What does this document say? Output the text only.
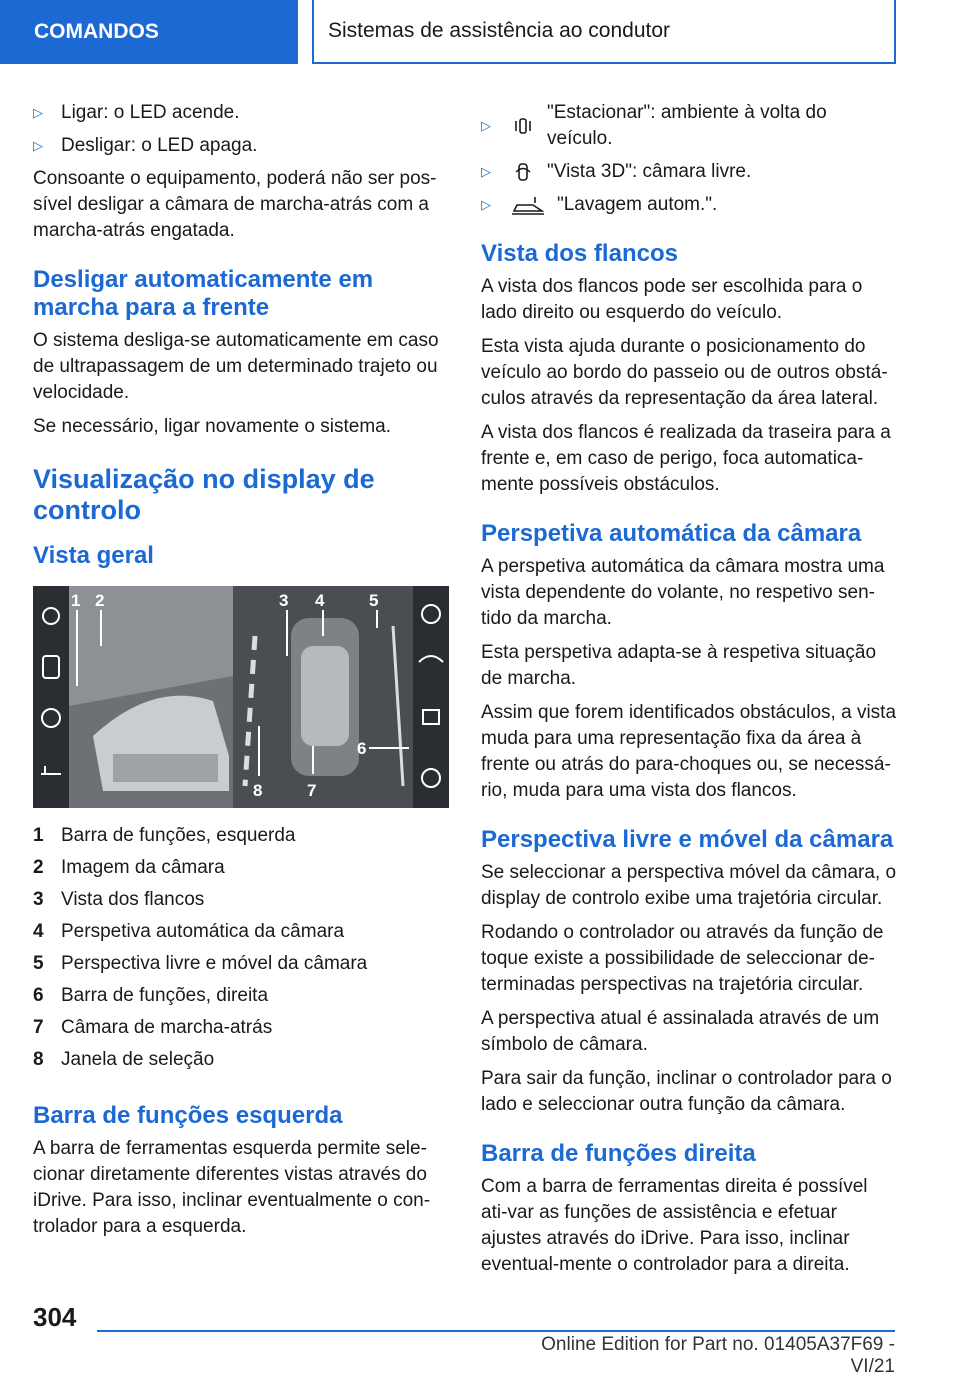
COMANDOS	Sistemas de assistência ao condutor
▷ Ligar: o LED acende.
▷ Desligar: o LED apaga.

Consoante o equipamento, poderá não ser pos-sível desligar a câmara de marcha-atrás com a marcha-atrás engatada.

Desligar automaticamente em marcha para a frente

O sistema desliga-se automaticamente em caso de ultrapassagem de um determinado trajeto ou velocidade.

Se necessário, ligar novamente o sistema.

Visualização no display de controlo
Vista geral
1 2	3 4	5
6
7
8
1 Barra de funções, esquerda
2 Imagem da câmara
3 Vista dos flancos
4 Perspetiva automática da câmara
5 Perspectiva livre e móvel da câmara
6 Barra de funções, direita
7 Câmara de marcha-atrás
8 Janela de seleção
Barra de funções esquerda

A barra de ferramentas esquerda permite sele-cionar diretamente diferentes vistas através do iDrive. Para isso, inclinar eventualmente o con-trolador para a esquerda.

▷
"Estacionar": ambiente à volta do veículo.
▷	"Vista 3D": câmara livre.
▷	"Lavagem autom.".
Vista dos flancos

A vista dos flancos pode ser escolhida para o lado direito ou esquerdo do veículo.

Esta vista ajuda durante o posicionamento do veículo ao bordo do passeio ou de outros obstá-culos através da representação da área lateral.

A vista dos flancos é realizada da traseira para a frente e, em caso de perigo, foca automatica-mente possíveis obstáculos.

Perspetiva automática da câmara

A perspetiva automática da câmara mostra uma vista dependente do volante, no respetivo sen-tido da marcha.

Esta perspetiva adapta-se à respetiva situação de marcha.

Assim que forem identificados obstáculos, a vista muda para uma representação fixa da área à frente ou atrás do para-choques ou, se necessá-rio, muda para uma vista dos flancos.

Perspectiva livre e móvel da câmara

Se seleccionar a perspectiva móvel da câmara, o display de controlo exibe uma trajetória circular.

Rodando o controlador ou através da função de toque existe a possibilidade de seleccionar de-terminadas perspectivas na trajetória circular.

A perspectiva atual é assinalada através de um símbolo de câmara.

Para sair da função, inclinar o controlador para o lado e seleccionar outra função da câmara.

Barra de funções direita

Com a barra de ferramentas direita é possível ati-var as funções de assistência e efetuar ajustes através do iDrive. Para isso, inclinar eventual-mente o controlador para a direita.

304
Online Edition for Part no. 01405A37F69 - VI/21
